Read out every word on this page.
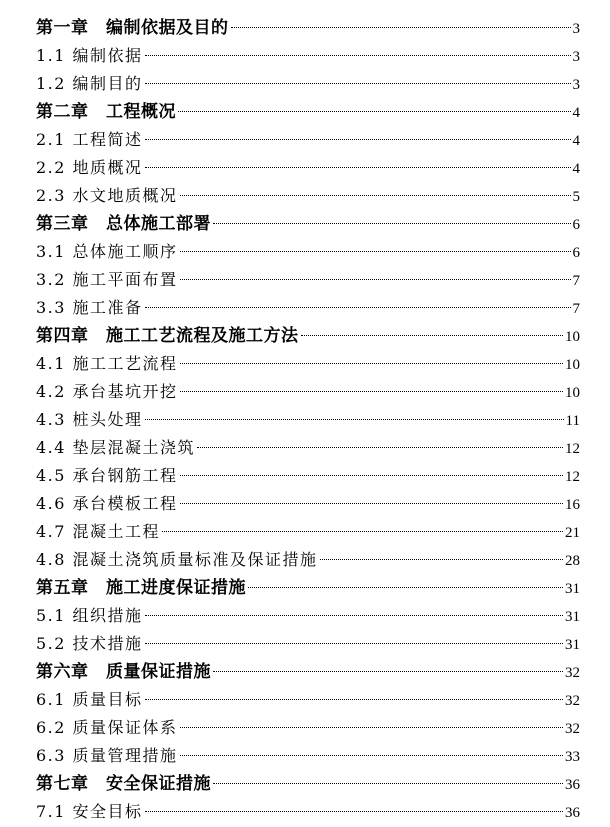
第一章　编制依据及目的	3
1.1 编制依据	3
1.2 编制目的	3
第二章　工程概况	4
2.1 工程简述	4
2.2 地质概况	4
2.3 水文地质概况	5
第三章　总体施工部署	6
3.1 总体施工顺序	6
3.2 施工平面布置	7
3.3 施工准备	7
第四章　施工工艺流程及施工方法	10
4.1 施工工艺流程	10
4.2 承台基坑开挖	10
4.3 桩头处理	11
4.4 垫层混凝土浇筑	12
4.5 承台钢筋工程	12
4.6 承台模板工程	16
4.7 混凝土工程	21
4.8 混凝土浇筑质量标准及保证措施	28
第五章　施工进度保证措施	31
5.1 组织措施	31
5.2 技术措施	31
第六章　质量保证措施	32
6.1 质量目标	32
6.2 质量保证体系	32
6.3 质量管理措施	33
第七章　安全保证措施	36
7.1 安全目标	36
